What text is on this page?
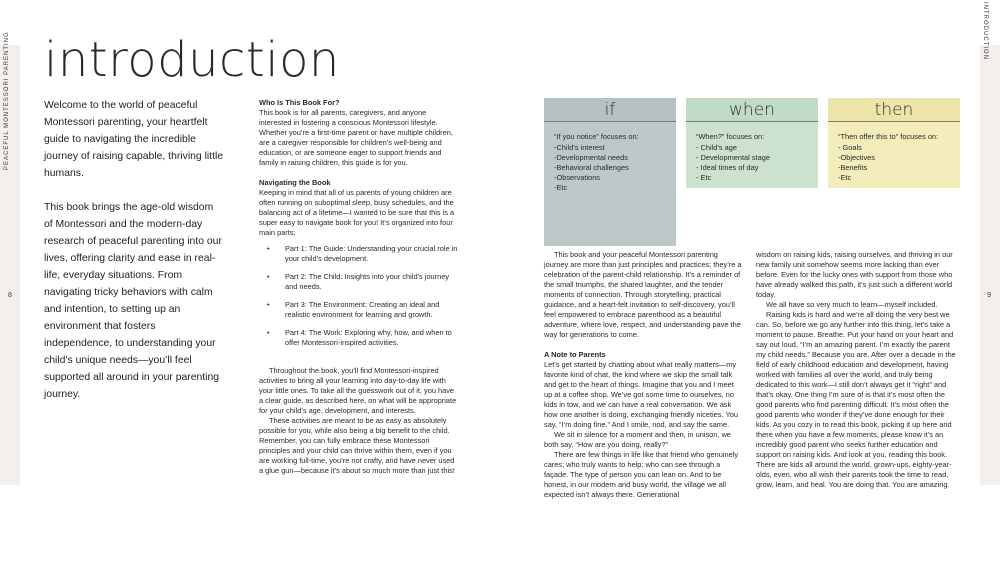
PEACEFUL MONTESSORI PARENTING
8
introduction

Welcome to the world of peaceful Montessori parenting, your heartfelt guide to navigating the incredible journey of raising capable, thriving little humans.

This book brings the age-old wisdom of Montessori and the modern-day research of peaceful parenting into our lives, offering clarity and ease in real-life, everyday situations. From navigating tricky behaviors with calm and intention, to setting up an environment that fosters independence, to understanding your child’s unique needs—you’ll feel supported all around in your parenting journey.

Who Is This Book For?

This book is for all parents, caregivers, and anyone interested in fostering a conscious Montessori lifestyle. Whether you’re a first-time parent or have multiple children, are a caregiver responsible for children’s well-being and education, or are someone eager to support friends and family in raising children, this guide is for you.

Navigating the Book

Keeping in mind that all of us parents of young children are often running on suboptimal sleep, busy schedules, and the balancing act of a lifetime—I wanted to be sure that this is a super easy to navigate book for you! It’s organized into four main parts:

• Part 1: The Guide: Understanding your crucial role in your child’s development.
• Part 2: The Child: Insights into your child’s journey and needs.
• Part 3: The Environment: Creating an ideal and realistic environment for learning and growth.
• Part 4: The Work: Exploring why, how, and when to offer Montessori-inspired activities.

Throughout the book, you’ll find Montessori-inspired activities to bring all your learning into day-to-day life with your little ones. To take all the guesswork out of it, you have a clear guide, as described here, on what will be appropriate for your child’s age, development, and interests.

These activities are meant to be as easy as absolutely possible for you, while also being a big benefit to the child. Remember, you can fully embrace these Montessori principles and your child can thrive within them, even if you are working full-time, you’re not crafty, and have never used a glue gun—because it’s about so much more than just this!

INTRODUCTION
9
if

“If you notice” focuses on:

-Child’s interest

-Developmental needs

-Behavioral challenges

-Observations

-Etc

when

“When?” focuses on:

- Child’s age

- Developmental stage

- Ideal times of day

- Etc

then

“Then offer this to” focuses on:

- Goals

-Objectives

-Benefits

-Etc

This book and your peaceful Montessori parenting journey are more than just principles and practices; they’re a celebration of the parent-child relationship. It’s a reminder of the small triumphs, the shared laughter, and the tender moments of connection. Through storytelling, practical guidance, and a heart-felt invitation to self-discovery, you’ll feel empowered to embrace parenthood as a beautiful adventure, where love, respect, and understanding pave the way for generations to come.

A Note to Parents

Let’s get started by chatting about what really matters—my favorite kind of chat, the kind where we skip the small talk and get to the heart of things. Imagine that you and I meet up at a coffee shop. We’ve got some time to ourselves, no kids in tow, and we can have a real conversation. We ask how one another is doing, exchanging friendly niceties. You say, “I’m doing fine.” And I smile, nod, and say the same.

We sit in silence for a moment and then, in unison, we both say, “How are you doing, really?”

There are few things in life like that friend who genuinely cares; who truly wants to help; who can see through a façade. The type of person you can lean on. And to be honest, in our modern and busy world, the village we all expected isn’t always there. Generational

wisdom on raising kids, raising ourselves, and thriving in our new family unit somehow seems more lacking than ever before. Even for the lucky ones with support from those who have already walked this path, it’s just such a different world today.

We all have so very much to learn—myself included.

Raising kids is hard and we’re all doing the very best we can. So, before we go any further into this thing, let’s take a moment to pause. Breathe. Put your hand on your heart and say out loud, “I’m an amazing parent. I’m exactly the parent my child needs.” Because you are. After over a decade in the field of early childhood education and development, having worked with families all over the world, and truly being dedicated to this work—I still don’t always get it “right” and that’s okay. One thing I’m sure of is that it’s most often the good parents who find parenting difficult. It’s most often the good parents who wonder if they’ve done enough for their kids. As you cozy in to read this book, picking it up here and there when you have a few moments, please know it’s an incredibly good parent who seeks further education and support on raising kids. And look at you, reading this book. There are kids all around the world, grown-ups, eighty-year-olds, even, who all wish their parents took the time to read, grow, learn, and heal. You are doing that. You are amazing.
